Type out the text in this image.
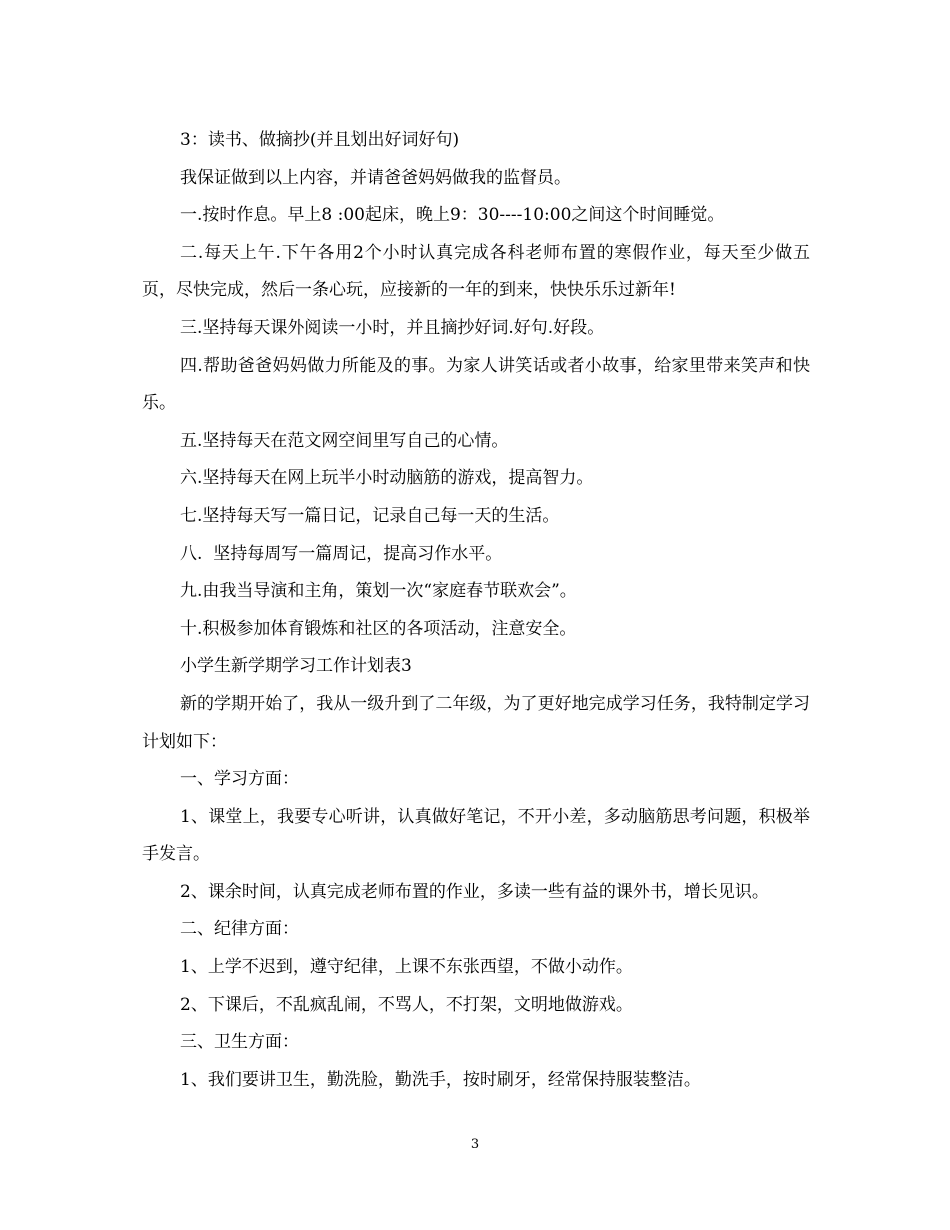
3：读书、做摘抄(并且划出好词好句)

我保证做到以上内容，并请爸爸妈妈做我的监督员。

一.按时作息。早上8 :00起床，晚上9：30----10:00之间这个时间睡觉。

二.每天上午.下午各用2个小时认真完成各科老师布置的寒假作业，每天至少做五页，尽快完成，然后一条心玩，应接新的一年的到来，快快乐乐过新年!

三.坚持每天课外阅读一小时，并且摘抄好词.好句.好段。

四.帮助爸爸妈妈做力所能及的事。为家人讲笑话或者小故事，给家里带来笑声和快乐。

五.坚持每天在范文网空间里写自己的心情。

六.坚持每天在网上玩半小时动脑筋的游戏，提高智力。

七.坚持每天写一篇日记，记录自己每一天的生活。

八.  坚持每周写一篇周记，提高习作水平。

九.由我当导演和主角，策划一次“家庭春节联欢会”。

十.积极参加体育锻炼和社区的各项活动，注意安全。

小学生新学期学习工作计划表3

新的学期开始了，我从一级升到了二年级，为了更好地完成学习任务，我特制定学习计划如下：

一、学习方面：

1、课堂上，我要专心听讲，认真做好笔记，不开小差，多动脑筋思考问题，积极举手发言。

2、课余时间，认真完成老师布置的作业，多读一些有益的课外书，增长见识。

二、纪律方面：

1、上学不迟到，遵守纪律，上课不东张西望，不做小动作。

2、下课后，不乱疯乱闹，不骂人，不打架，文明地做游戏。

三、卫生方面：

1、我们要讲卫生，勤洗脸，勤洗手，按时刷牙，经常保持服装整洁。

3
